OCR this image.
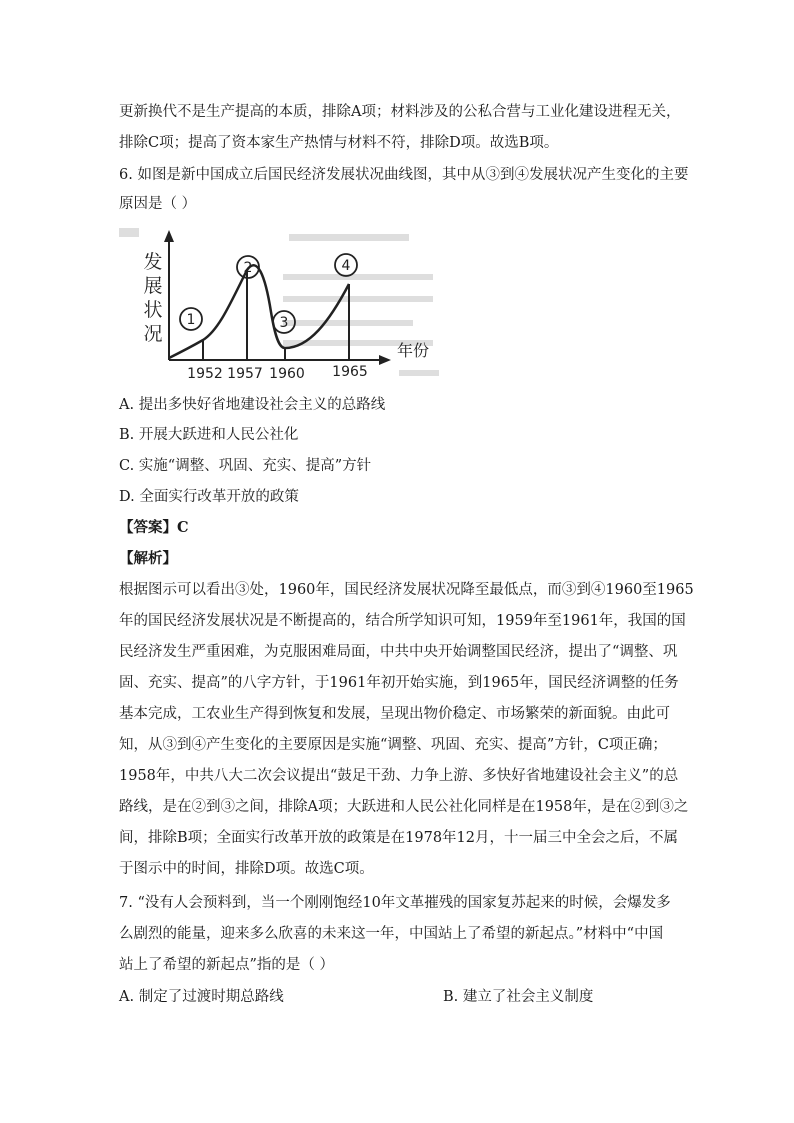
更新换代不是生产提高的本质，排除A项；材料涉及的公私合营与工业化建设进程无关，
排除C项；提高了资本家生产热情与材料不符，排除D项。故选B项。
6. 如图是新中国成立后国民经济发展状况曲线图，其中从③到④发展状况产生变化的主要
原因是（ ）
1
2
3
4
发展状况
年份
1952 1957 1960 1965
A. 提出多快好省地建设社会主义的总路线
B. 开展大跃进和人民公社化
C. 实施“调整、巩固、充实、提高”方针
D. 全面实行改革开放的政策
【答案】C
【解析】
根据图示可以看出③处，1960年，国民经济发展状况降至最低点，而③到④1960至1965
年的国民经济发展状况是不断提高的，结合所学知识可知，1959年至1961年，我国的国
民经济发生严重困难，为克服困难局面，中共中央开始调整国民经济，提出了“调整、巩
固、充实、提高”的八字方针，于1961年初开始实施，到1965年，国民经济调整的任务
基本完成，工农业生产得到恢复和发展，呈现出物价稳定、市场繁荣的新面貌。由此可
知，从③到④产生变化的主要原因是实施“调整、巩固、充实、提高”方针，C项正确；
1958年，中共八大二次会议提出“鼓足干劲、力争上游、多快好省地建设社会主义”的总
路线，是在②到③之间，排除A项；大跃进和人民公社化同样是在1958年，是在②到③之
间，排除B项；全面实行改革开放的政策是在1978年12月，十一届三中全会之后，不属
于图示中的时间，排除D项。故选C项。
7. “没有人会预料到，当一个刚刚饱经10年文革摧残的国家复苏起来的时候，会爆发多
么剧烈的能量，迎来多么欣喜的未来这一年，中国站上了希望的新起点。”材料中“中国
站上了希望的新起点”指的是（ ）
A. 制定了过渡时期总路线	B. 建立了社会主义制度
